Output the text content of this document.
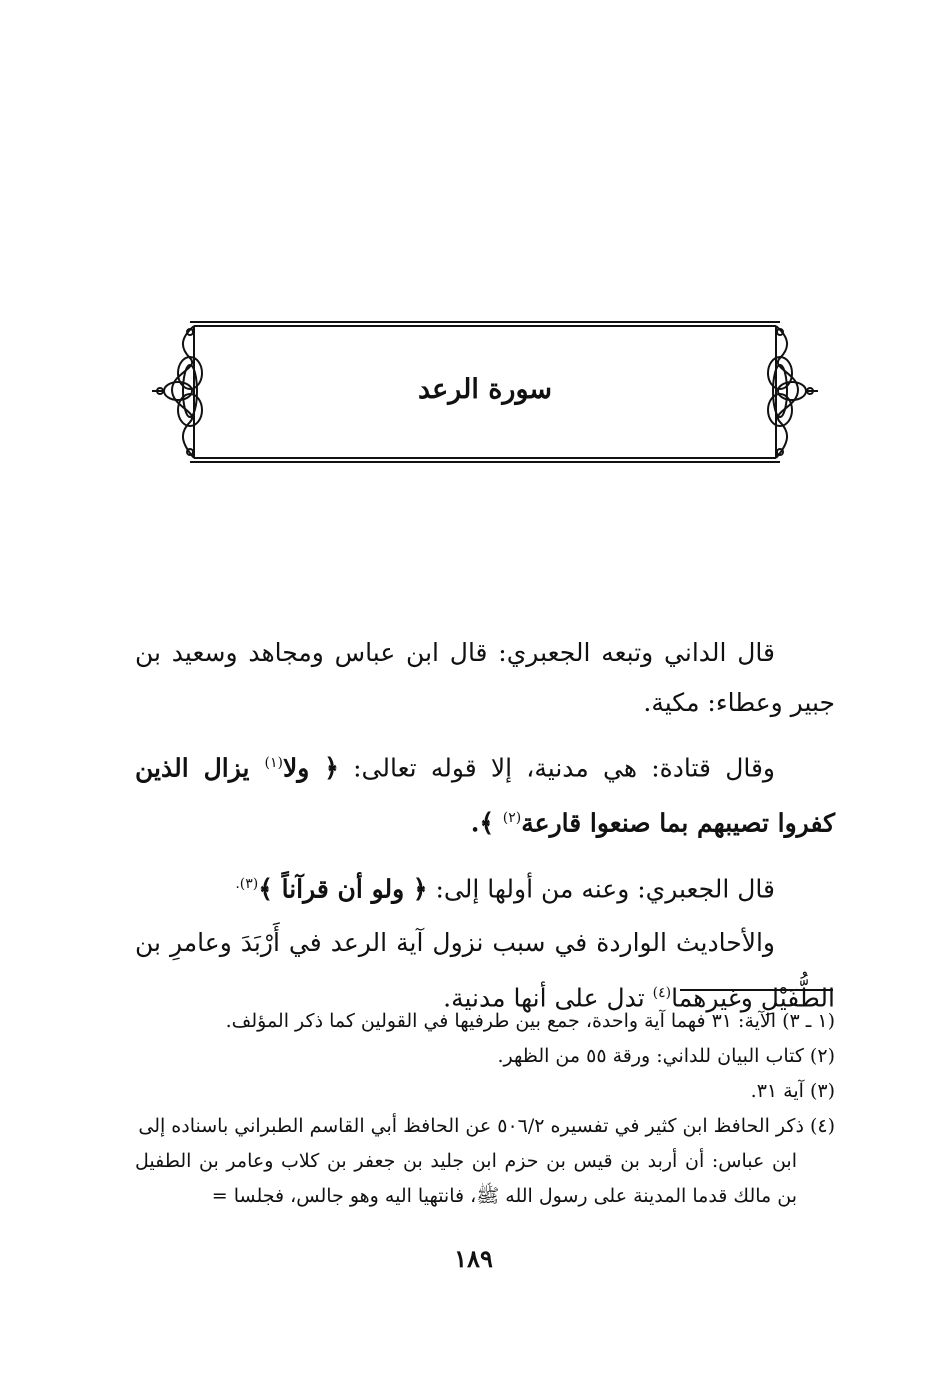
سورة الرعد

قال الداني وتبعه الجعبري: قال ابن عباس ومجاهد وسعيد بن جبير وعطاء: مكية.

وقال قتادة: هي مدنية، إلا قوله تعالى: ﴿ ولا$^{(١)}$ يزال الذين كفروا تصيبهم بما صنعوا قارعة$^{(٢)}$ ﴾.

قال الجعبري: وعنه من أولها إلى: ﴿ ولو أن قرآناً ﴾$^{(٣).}$

والأحاديث الواردة في سبب نزول آية الرعد في أَرْبَدَ وعامرِ بن الطُّفَيْلِ وغيرهما$^{(٤)}$ تدل على أنها مدنية.

(١ ـ ٣) الآية: ٣١ فهما آية واحدة، جمع بين طرفيها في القولين كما ذكر المؤلف.

(٢) كتاب البيان للداني: ورقة ٥٥ من الظهر.

(٣) آية ٣١.

(٤) ذكر الحافظ ابن كثير في تفسيره ٥٠٦/٢ عن الحافظ أبي القاسم الطبراني باسناده إلى
ابن عباس: أن أربد بن قيس بن حزم ابن جليد بن جعفر بن كلاب وعامر بن الطفيل بن مالك قدما المدينة على رسول الله ﷺ، فانتهيا اليه وهو جالس، فجلسا =

١٨٩
